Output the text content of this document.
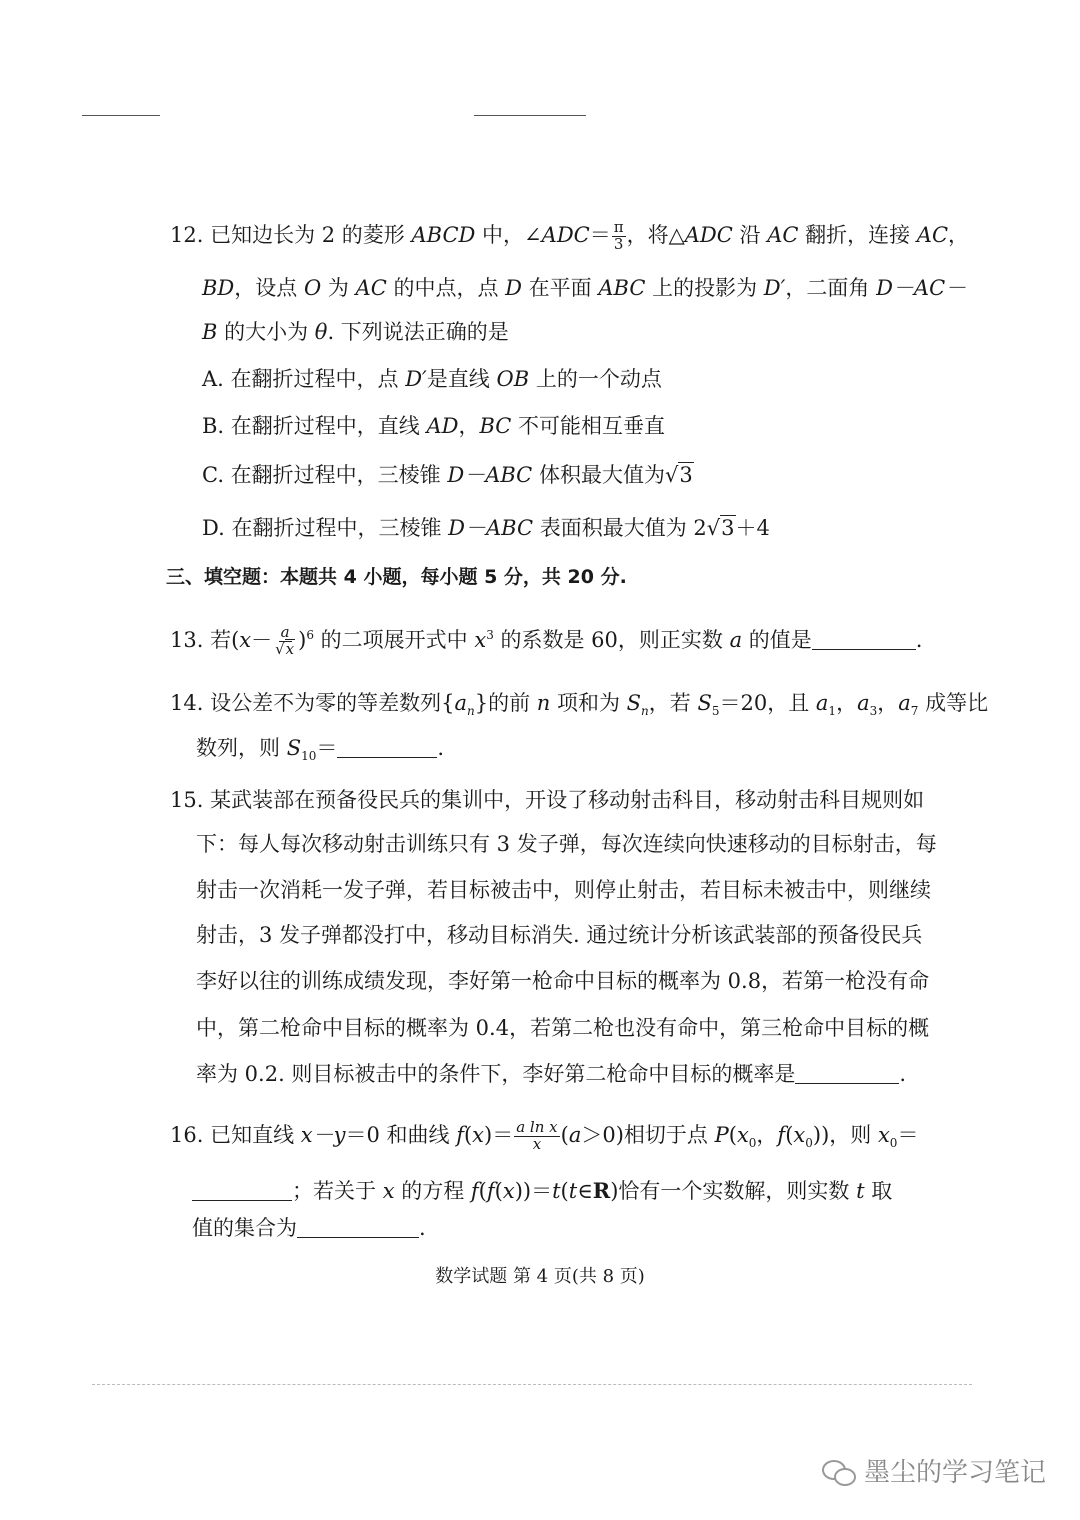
12. 已知边长为 2 的菱形 ABCD 中，∠ADC＝ $\frac{\pi}{3}$ ，将△ADC 沿 AC 翻折，连接 AC，
BD，设点 O 为 AC 的中点，点 D 在平面 ABC 上的投影为 D′，二面角 D－AC－
B 的大小为 θ. 下列说法正确的是
A. 在翻折过程中，点 D′是直线 OB 上的一个动点
B. 在翻折过程中，直线 AD，BC 不可能相互垂直
C. 在翻折过程中，三棱锥 D－ABC 体积最大值为√3
D. 在翻折过程中，三棱锥 D－ABC 表面积最大值为 2√3＋4
三、填空题：本题共 4 小题，每小题 5 分，共 20 分.
13. 若$(x- \frac{a}{√x} )^6$ 的二项展开式中 $x^3$ 的系数是 60，则正实数 a 的值是	.
14. 设公差不为零的等差数列$\{a_n\}$的前 n 项和为 $S_n$，若 $S_5=20$，且 $a_1$，$a_3$，$a_7$ 成等比
数列，则 $S_{10}=$	.
15. 某武装部在预备役民兵的集训中，开设了移动射击科目，移动射击科目规则如
下：每人每次移动射击训练只有 3 发子弹，每次连续向快速移动的目标射击，每
射击一次消耗一发子弹，若目标被击中，则停止射击，若目标未被击中，则继续
射击，3 发子弹都没打中，移动目标消失. 通过统计分析该武装部的预备役民兵
李好以往的训练成绩发现，李好第一枪命中目标的概率为 0.8，若第一枪没有命
中，第二枪命中目标的概率为 0.4，若第二枪也没有命中，第三枪命中目标的概
率为 0.2. 则目标被击中的条件下，李好第二枪命中目标的概率是	.
16. 已知直线 x－y＝0 和曲线 $f(x)= \frac{\text{a ln x}}{x} (a>0)$相切于点 $P(x_0$，$f(x_0)$)，则 $x_0=$
；若关于 x 的方程 f(f(x))＝t(t∈R)恰有一个实数解，则实数 t 取
值的集合为	.
数学试题 第 4 页(共 8 页)
墨尘的学习笔记
